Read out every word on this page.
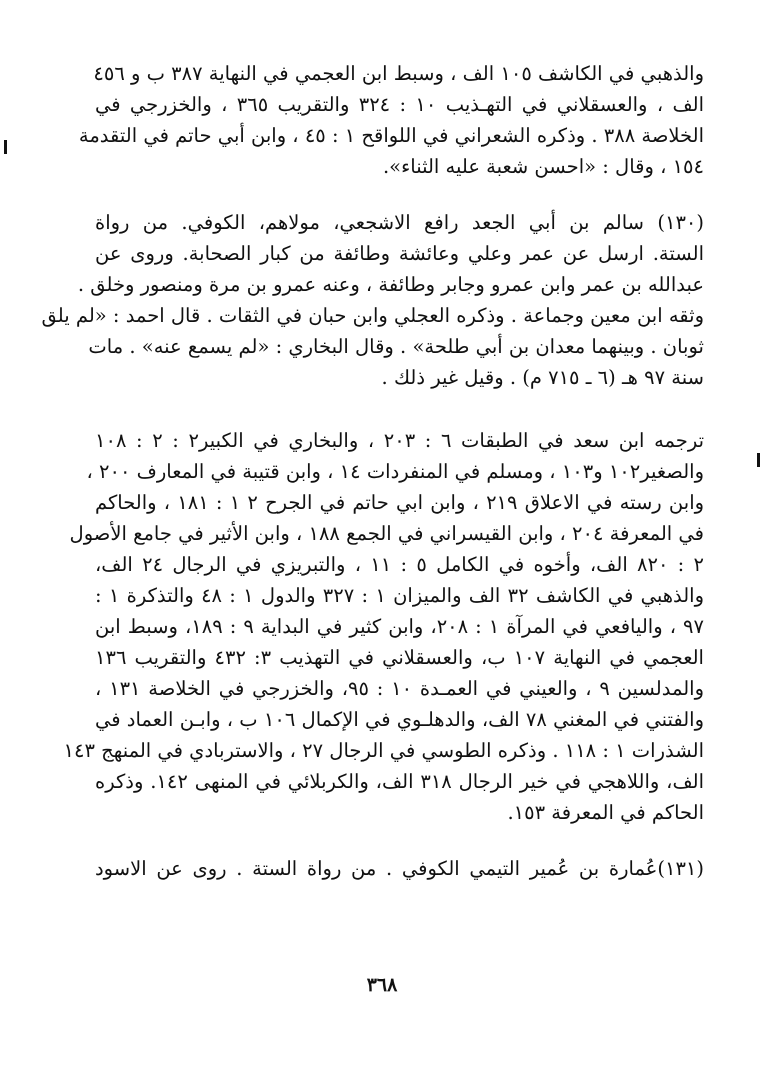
والذهبي في الكاشف ١٠٥ الف ، وسبط ابن العجمي في النهاية ٣٨٧ ب و ٤٥٦
الف ، والعسقلاني في التهـذيب ١٠ : ٣٢٤ والتقريب ٣٦٥ ، والخزرجي في
الخلاصة ٣٨٨ . وذكره الشعراني في اللواقح ١ : ٤٥ ، وابن أبي حاتم في التقدمة
١٥٤ ، وقال : «احسن شعبة عليه الثناء».

(١٣٠) سالم بن أبي الجعد رافع الاشجعي، مولاهم، الكوفي. من رواة
الستة. ارسل عن عمر وعلي وعائشة وطائفة من كبار الصحابة. وروى عن
عبدالله بن عمر وابن عمرو وجابر وطائفة ، وعنه عمرو بن مرة ومنصور وخلق .
وثقه ابن معين وجماعة . وذكره العجلي وابن حبان في الثقات . قال احمد : «لم يلق
ثوبان . وبينهما معدان بن أبي طلحة» . وقال البخاري : «لم يسمع عنه» . مات
سنة ٩٧ هـ (٦ ـ ٧١٥ م) . وقيل غير ذلك .

ترجمه ابن سعد في الطبقات ٦ : ٢٠٣ ، والبخاري في الكبير٢ : ٢ : ١٠٨
والصغير١٠٢ و١٠٣ ، ومسلم في المنفردات ١٤ ، وابن قتيبة في المعارف ٢٠٠ ،
وابن رسته في الاعلاق ٢١٩ ، وابن ابي حاتم في الجرح ٢ ١ : ١٨١ ، والحاكم
في المعرفة ٢٠٤ ، وابن القيسراني في الجمع ١٨٨ ، وابن الأثير في جامع الأصول
٢ : ٨٢٠ الف، وأخوه في الكامل ٥ : ١١ ، والتبريزي في الرجال ٢٤ الف،
والذهبي في الكاشف ٣٢ الف والميزان ١ : ٣٢٧ والدول ١ : ٤٨ والتذكرة ١ :
٩٧ ، واليافعي في المرآة ١ : ٢٠٨، وابن كثير في البداية ٩ : ١٨٩، وسبط ابن
العجمي في النهاية ١٠٧ ب، والعسقلاني في التهذيب ٣: ٤٣٢ والتقريب ١٣٦
والمدلسين ٩ ، والعيني في العمـدة ١٠ : ٩٥، والخزرجي في الخلاصة ١٣١ ،
والفتني في المغني ٧٨ الف، والدهلـوي في الإكمال ١٠٦ ب ، وابـن العماد في
الشذرات ١ : ١١٨ . وذكره الطوسي في الرجال ٢٧ ، والاستربادي في المنهج ١٤٣
الف، واللاهجي في خير الرجال ٣١٨ الف، والكربلائي في المنهى ١٤٢. وذكره
الحاكم في المعرفة ١٥٣.

(١٣١)عُمارة بن عُمير التيمي الكوفي . من رواة الستة . روى عن الاسود

٣٦٨
